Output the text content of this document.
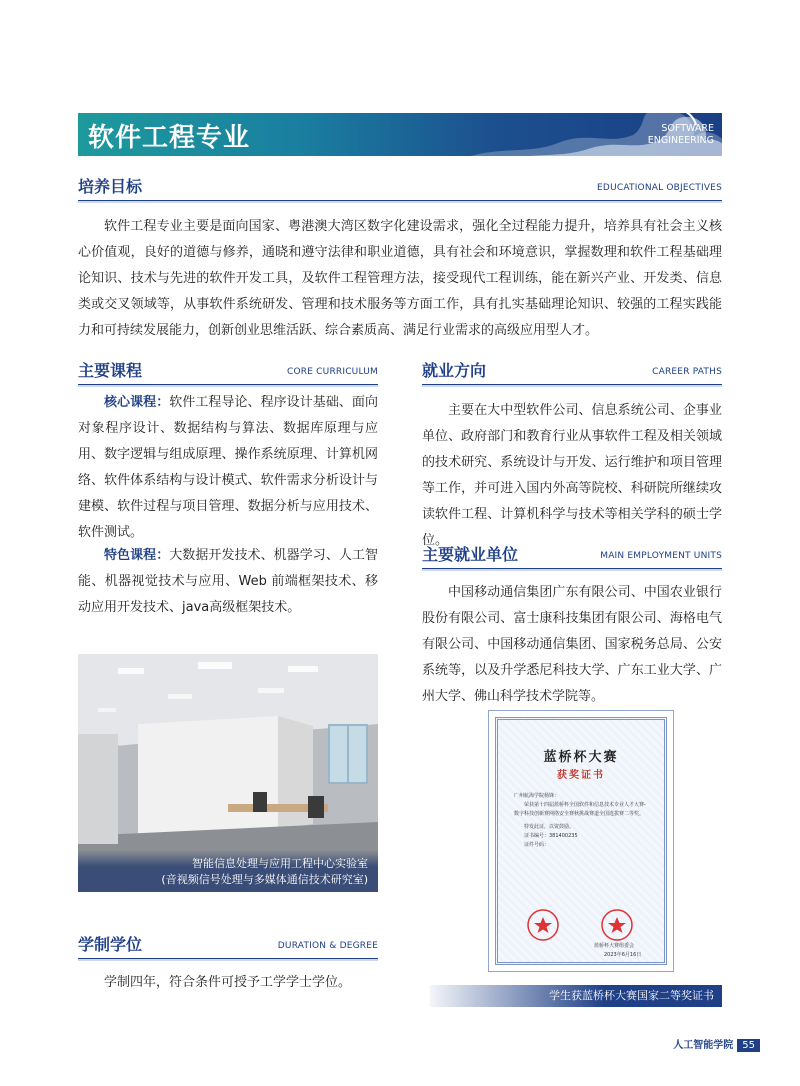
软件工程专业	SOFTWARE
ENGINEERING
培养目标	EDUCATIONAL OBJECTIVES

软件工程专业主要是面向国家、粤港澳大湾区数字化建设需求，强化全过程能力提升，培养具有社会主义核心价值观，良好的道德与修养，通晓和遵守法律和职业道德，具有社会和环境意识，掌握数理和软件工程基础理论知识、技术与先进的软件开发工具，及软件工程管理方法，接受现代工程训练，能在新兴产业、开发类、信息类或交叉领域等，从事软件系统研发、管理和技术服务等方面工作，具有扎实基础理论知识、较强的工程实践能力和可持续发展能力，创新创业思维活跃、综合素质高、满足行业需求的高级应用型人才。

主要课程	CORE CURRICULUM

核心课程：软件工程导论、程序设计基础、面向对象程序设计、数据结构与算法、数据库原理与应用、数字逻辑与组成原理、操作系统原理、计算机网络、软件体系结构与设计模式、软件需求分析设计与建模、软件过程与项目管理、数据分析与应用技术、软件测试。

特色课程：大数据开发技术、机器学习、人工智能、机器视觉技术与应用、Web 前端框架技术、移动应用开发技术、java高级框架技术。

智能信息处理与应用工程中心实验室
(音视频信号处理与多媒体通信技术研究室)
学制学位	DURATION & DEGREE

学制四年，符合条件可授予工学学士学位。

就业方向	CAREER PATHS

主要在大中型软件公司、信息系统公司、企事业单位、政府部门和教育行业从事软件工程及相关领域的技术研究、系统设计与开发、运行维护和项目管理等工作，并可进入国内外高等院校、科研院所继续攻读软件工程、计算机科学与技术等相关学科的硕士学位。

主要就业单位	MAIN EMPLOYMENT UNITS

中国移动通信集团广东有限公司、中国农业银行股份有限公司、富士康科技集团有限公司、海格电气有限公司、中国移动通信集团、国家税务总局、公安系统等，以及升学悉尼科技大学、广东工业大学、广州大学、佛山科学技术学院等。

蓝桥杯大赛
获奖证书
广州航海学院杨锋：
荣获第十四届蓝桥杯全国软件和信息技术专业人才大赛-数字科技创新赛网络安全赛秋挑战赛道全国选拔赛二等奖。
特发此证，以资鼓励。
证书编号：381400235
证件号码：
蓝桥杯大赛组委会
2023年6月16日
学生获蓝桥杯大赛国家二等奖证书
人工智能学院 55
